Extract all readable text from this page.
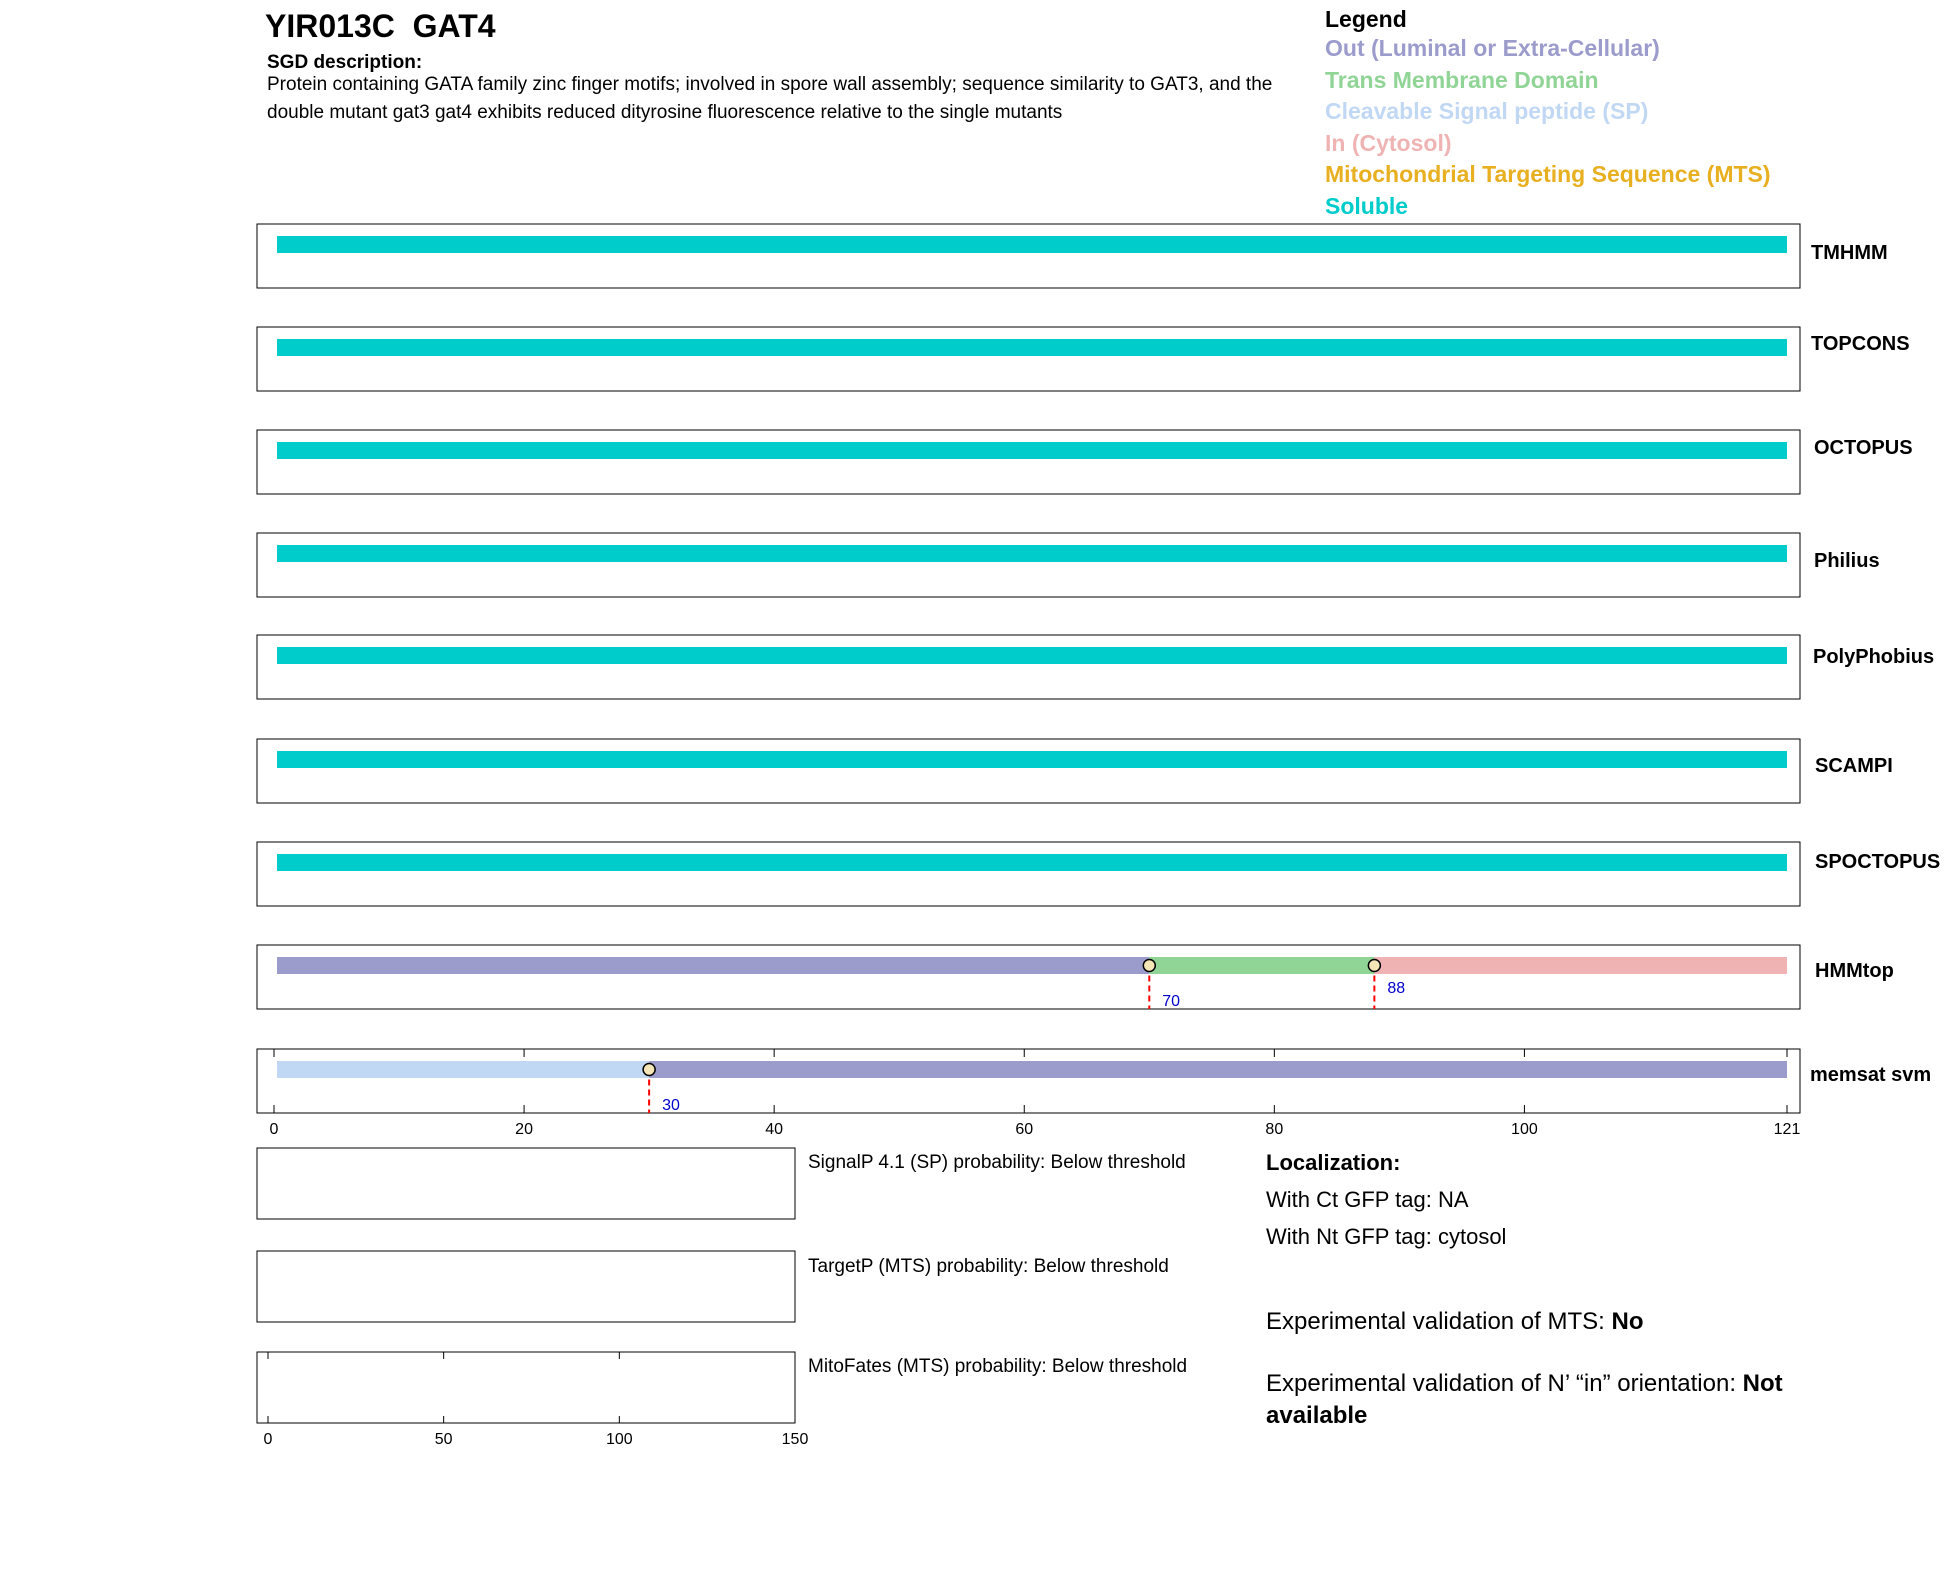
YIR013C  GAT4
SGD description:
Protein containing GATA family zinc finger motifs; involved in spore wall assembly; sequence similarity to GAT3, and the double mutant gat3 gat4 exhibits reduced dityrosine fluorescence relative to the single mutants
Legend
Out (Luminal or Extra-Cellular)
Trans Membrane Domain
Cleavable Signal peptide (SP)
In (Cytosol)
Mitochondrial Targeting Sequence (MTS)
Soluble
TMHMM
TOPCONS
OCTOPUS
Philius
PolyPhobius
SCAMPI
SPOCTOPUS
70
88
HMMtop
30
memsat svm
0	20	40	60	80	100	121
0	50	100	150
SignalP 4.1 (SP) probability: Below threshold
TargetP (MTS) probability: Below threshold
MitoFates (MTS) probability: Below threshold
Localization:
With Ct GFP tag: NA
With Nt GFP tag: cytosol
Experimental validation of MTS: No
Experimental validation of N’ “in” orientation: Not available
